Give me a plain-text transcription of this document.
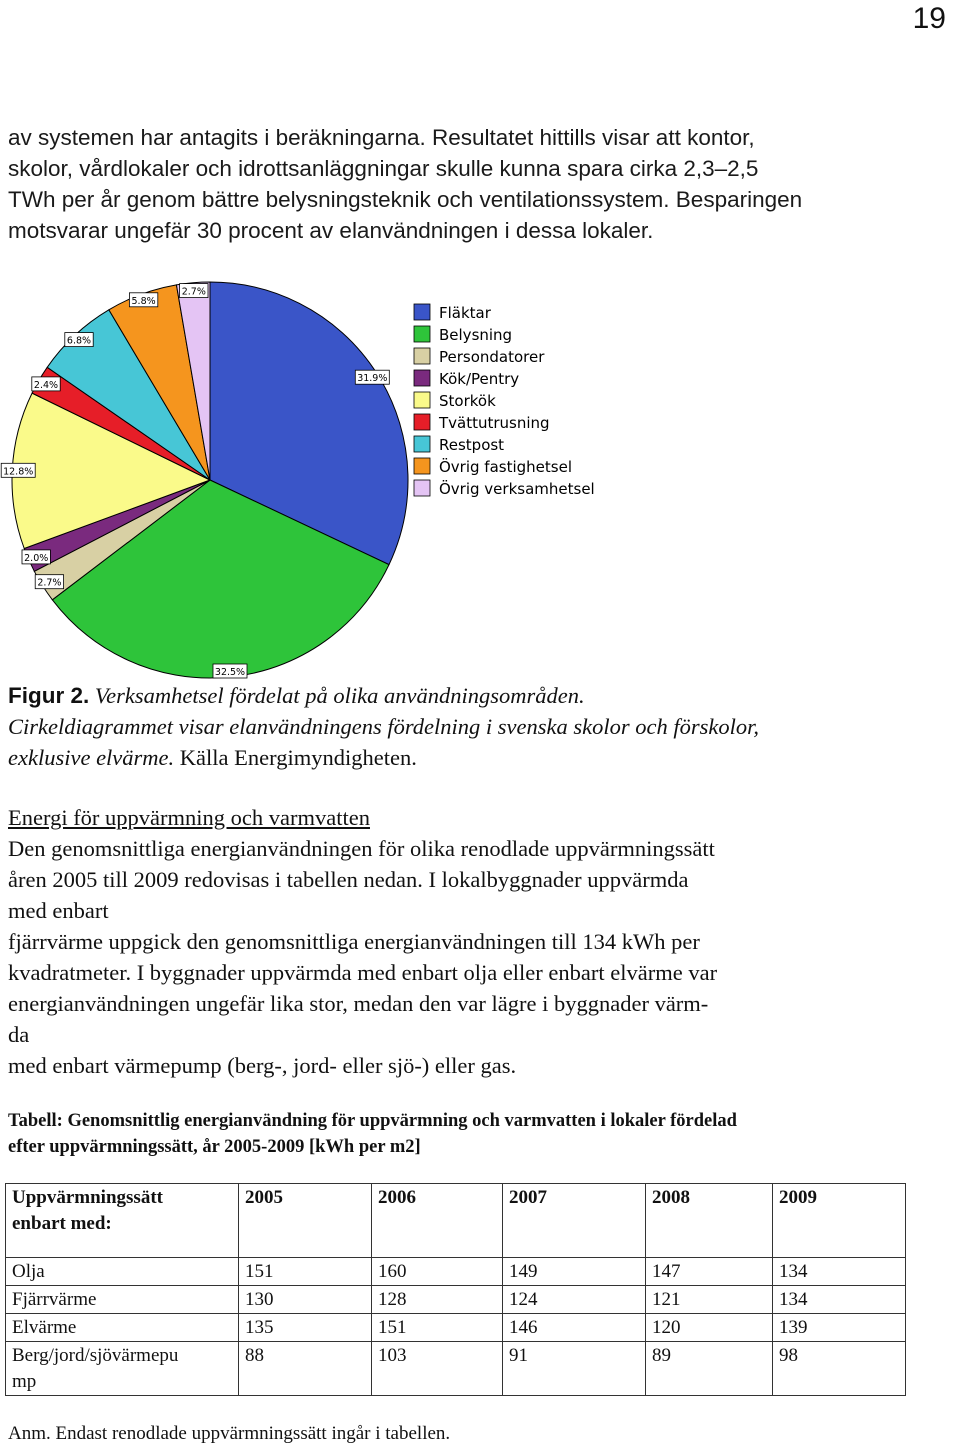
19
av systemen har antagits i beräkningarna. Resultatet hittills visar att kontor,
skolor, vårdlokaler och idrottsanläggningar skulle kunna spara cirka 2,3–2,5
TWh per år genom bättre belysningsteknik och ventilationssystem. Besparingen
motsvarar ungefär 30 procent av elanvändningen i dessa lokaler.
31.9%
32.5%
2.7%
2.0%
12.8%
2.4%
6.8%
5.8%
2.7%
Fläktar
Belysning
Persondatorer
Kök/Pentry
Storkök
Tvättutrusning
Restpost
Övrig fastighetsel
Övrig verksamhetsel
Figur 2. Verksamhetsel fördelat på olika användningsområden.
Cirkeldiagrammet visar elanvändningens fördelning i svenska skolor och förskolor,
exklusive elvärme. Källa Energimyndigheten.
Energi för uppvärmning och varmvatten
Den genomsnittliga energianvändningen för olika renodlade uppvärmningssätt
åren 2005 till 2009 redovisas i tabellen nedan. I lokalbyggnader uppvärmda
med enbart
fjärrvärme uppgick den genomsnittliga energianvändningen till 134 kWh per
kvadratmeter. I byggnader uppvärmda med enbart olja eller enbart elvärme var
energianvändningen ungefär lika stor, medan den var lägre i byggnader värm-
da
med enbart värmepump (berg-, jord- eller sjö-) eller gas.
Tabell: Genomsnittlig energianvändning för uppvärmning och varmvatten i lokaler fördelad
efter uppvärmningssätt, år 2005-2009 [kWh per m2]
Uppvärmningssätt
enbart med:	2005	2006	2007	2008	2009
Olja	151	160	149	147	134
Fjärrvärme	130	128	124	121	134
Elvärme	135	151	146	120	139

Berg/jord/sjövärmepu
mp	88	103	91	89	98
Anm. Endast renodlade uppvärmningssätt ingår i tabellen.
